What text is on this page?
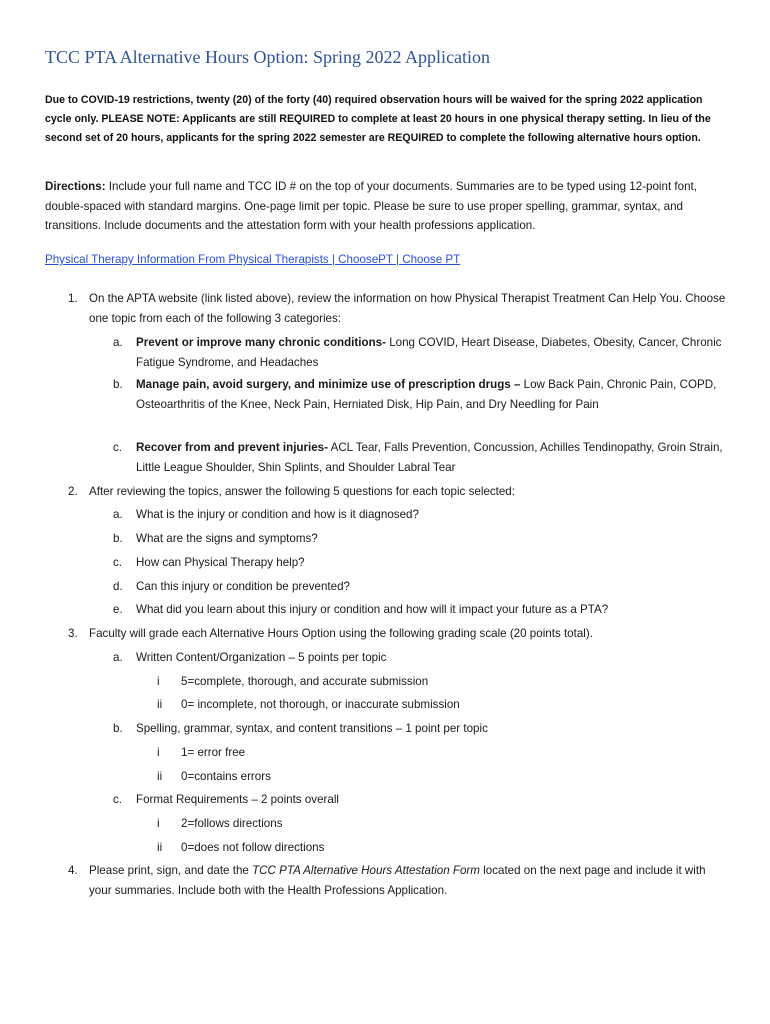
TCC PTA Alternative Hours Option: Spring 2022 Application
Due to COVID-19 restrictions, twenty (20) of the forty (40) required observation hours will be waived for the spring 2022 application cycle only. PLEASE NOTE: Applicants are still REQUIRED to complete at least 20 hours in one physical therapy setting. In lieu of the second set of 20 hours, applicants for the spring 2022 semester are REQUIRED to complete the following alternative hours option.
Directions: Include your full name and TCC ID # on the top of your documents. Summaries are to be typed using 12-point font, double-spaced with standard margins. One-page limit per topic. Please be sure to use proper spelling, grammar, syntax, and transitions. Include documents and the attestation form with your health professions application.
Physical Therapy Information From Physical Therapists | ChoosePT | Choose PT
1. On the APTA website (link listed above), review the information on how Physical Therapist Treatment Can Help You. Choose one topic from each of the following 3 categories:
a. Prevent or improve many chronic conditions- Long COVID, Heart Disease, Diabetes, Obesity, Cancer, Chronic Fatigue Syndrome, and Headaches
b. Manage pain, avoid surgery, and minimize use of prescription drugs – Low Back Pain, Chronic Pain, COPD, Osteoarthritis of the Knee, Neck Pain, Herniated Disk, Hip Pain, and Dry Needling for Pain
c. Recover from and prevent injuries- ACL Tear, Falls Prevention, Concussion, Achilles Tendinopathy, Groin Strain, Little League Shoulder, Shin Splints, and Shoulder Labral Tear
2. After reviewing the topics, answer the following 5 questions for each topic selected:
a. What is the injury or condition and how is it diagnosed?
b. What are the signs and symptoms?
c. How can Physical Therapy help?
d. Can this injury or condition be prevented?
e. What did you learn about this injury or condition and how will it impact your future as a PTA?
3. Faculty will grade each Alternative Hours Option using the following grading scale (20 points total).
a. Written Content/Organization – 5 points per topic
i 5=complete, thorough, and accurate submission
ii 0= incomplete, not thorough, or inaccurate submission
b. Spelling, grammar, syntax, and content transitions – 1 point per topic
i 1= error free
ii 0=contains errors
c. Format Requirements – 2 points overall
i 2=follows directions
ii 0=does not follow directions
4. Please print, sign, and date the TCC PTA Alternative Hours Attestation Form located on the next page and include it with your summaries. Include both with the Health Professions Application.
